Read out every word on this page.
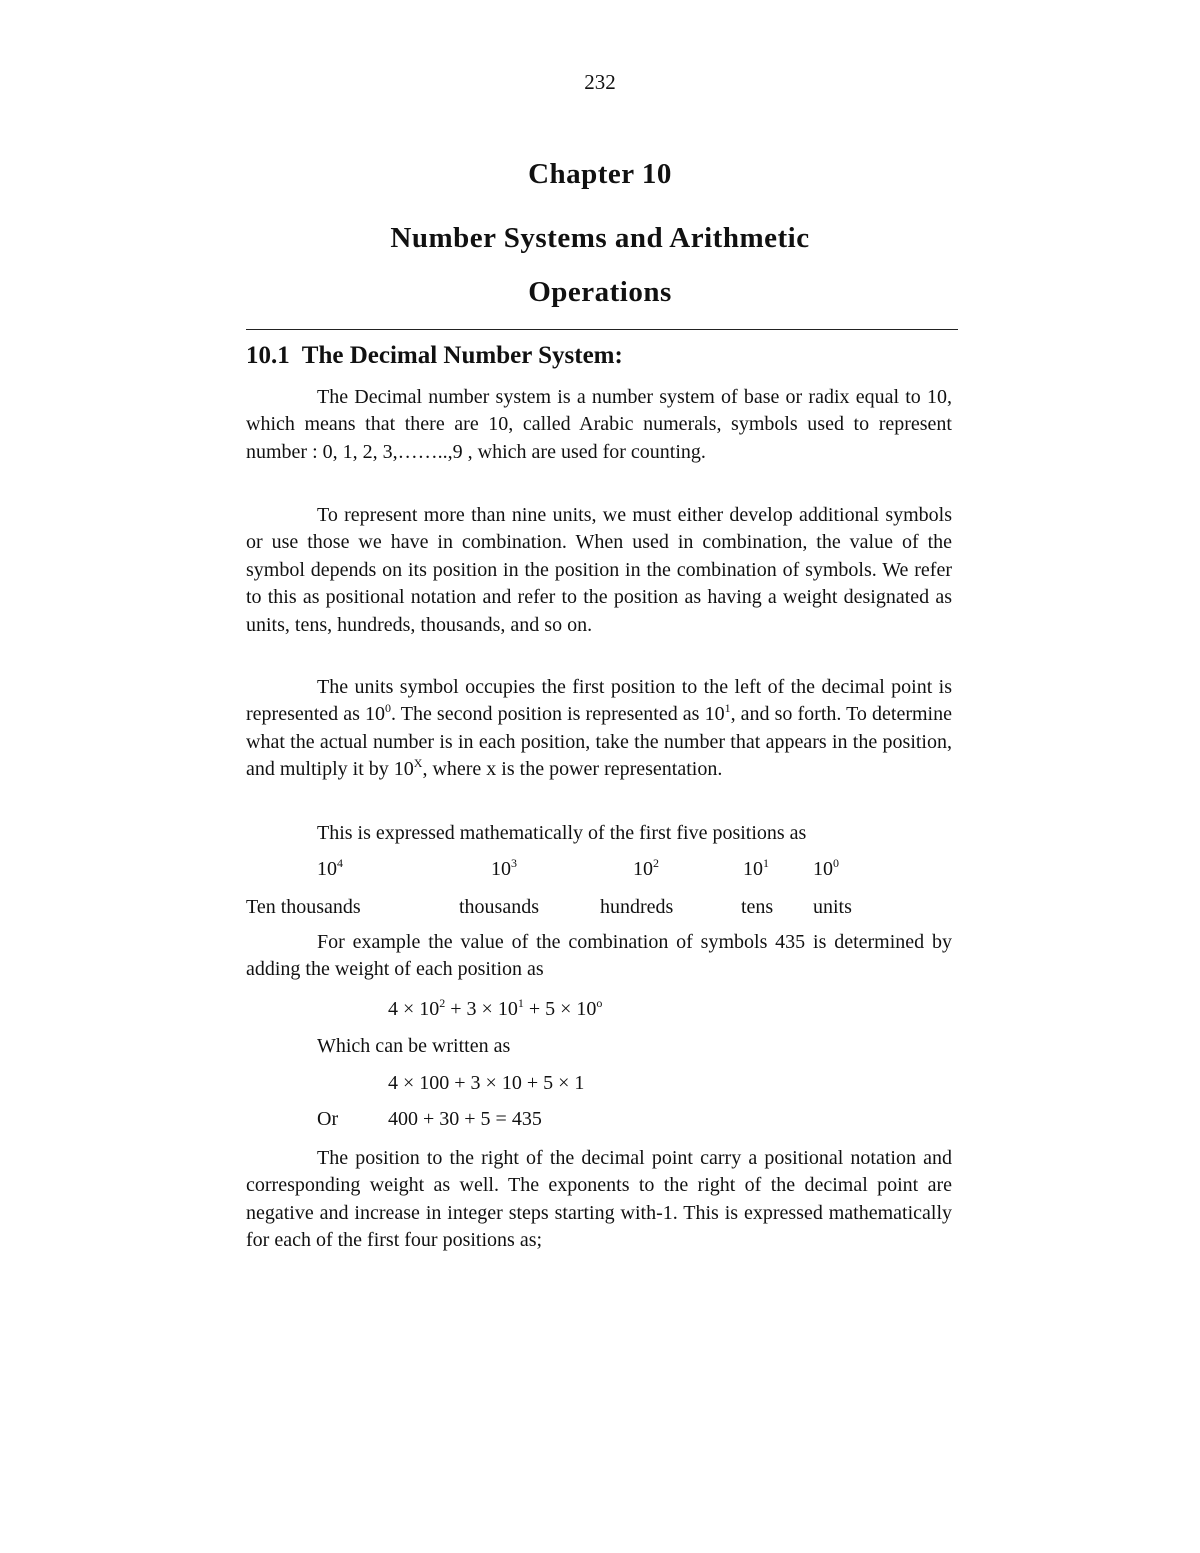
232
Chapter 10
Number Systems and Arithmetic
Operations
10.1  The Decimal Number System:
The Decimal number system is a number system of base or radix equal to 10, which means that there are 10, called Arabic numerals, symbols used to represent number : 0, 1, 2, 3,……..,9 , which are used for counting.
To represent more than nine units, we must either develop additional symbols or use those we have in combination. When used in combination, the value of the symbol depends on its position in the position in the combination of symbols. We refer to this as positional notation and refer to the position as having a weight designated as units, tens, hundreds, thousands, and so on.
The units symbol occupies the first position to the left of the decimal point is represented as $10^0$. The second position is represented as $10^1$, and so forth. To determine what the actual number is in each position, take the number that appears in the position, and multiply it by $10^X$, where x is the power representation.
This is expressed mathematically of the first five positions as
$10^4$	$10^3$	$10^2$	$10^1$ $10^0$
Ten thousands	thousands	hundreds	tens units
For example the value of the combination of symbols 435 is determined by adding the weight of each position as
$4 \times 10^2 + 3 \times 10^1 + 5 \times 10^o$
Which can be written as
4 × 100 + 3 × 10 + 5 × 1
Or 400 + 30 + 5 = 435
The position to the right of the decimal point carry a positional notation and corresponding weight as well. The exponents to the right of the decimal point are negative and increase in integer steps starting with-1. This is expressed mathematically for each of the first four positions as;
